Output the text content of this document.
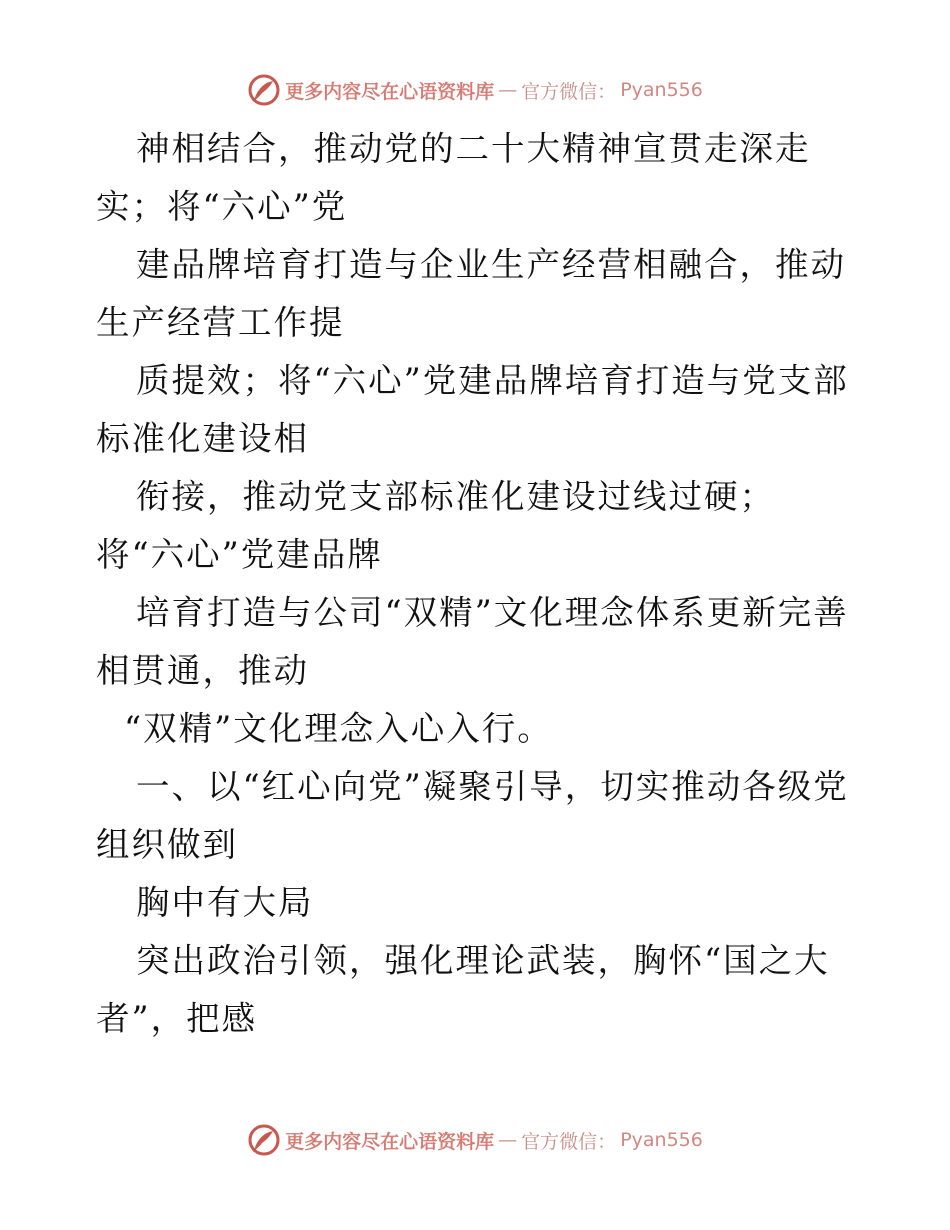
更多内容尽在心语资料库 — 官方微信： Pyan556

神相结合，推动党的二十大精神宣贯走深走实；将“六心”党

建品牌培育打造与企业生产经营相融合，推动生产经营工作提

质提效；将“六心”党建品牌培育打造与党支部标准化建设相

衔接，推动党支部标准化建设过线过硬；将“六心”党建品牌

培育打造与公司“双精”文化理念体系更新完善相贯通，推动

“双精”文化理念入心入行。

一、以“红心向党”凝聚引导，切实推动各级党组织做到

胸中有大局

突出政治引领，强化理论武装，胸怀“国之大者”，把感

更多内容尽在心语资料库 — 官方微信： Pyan556
